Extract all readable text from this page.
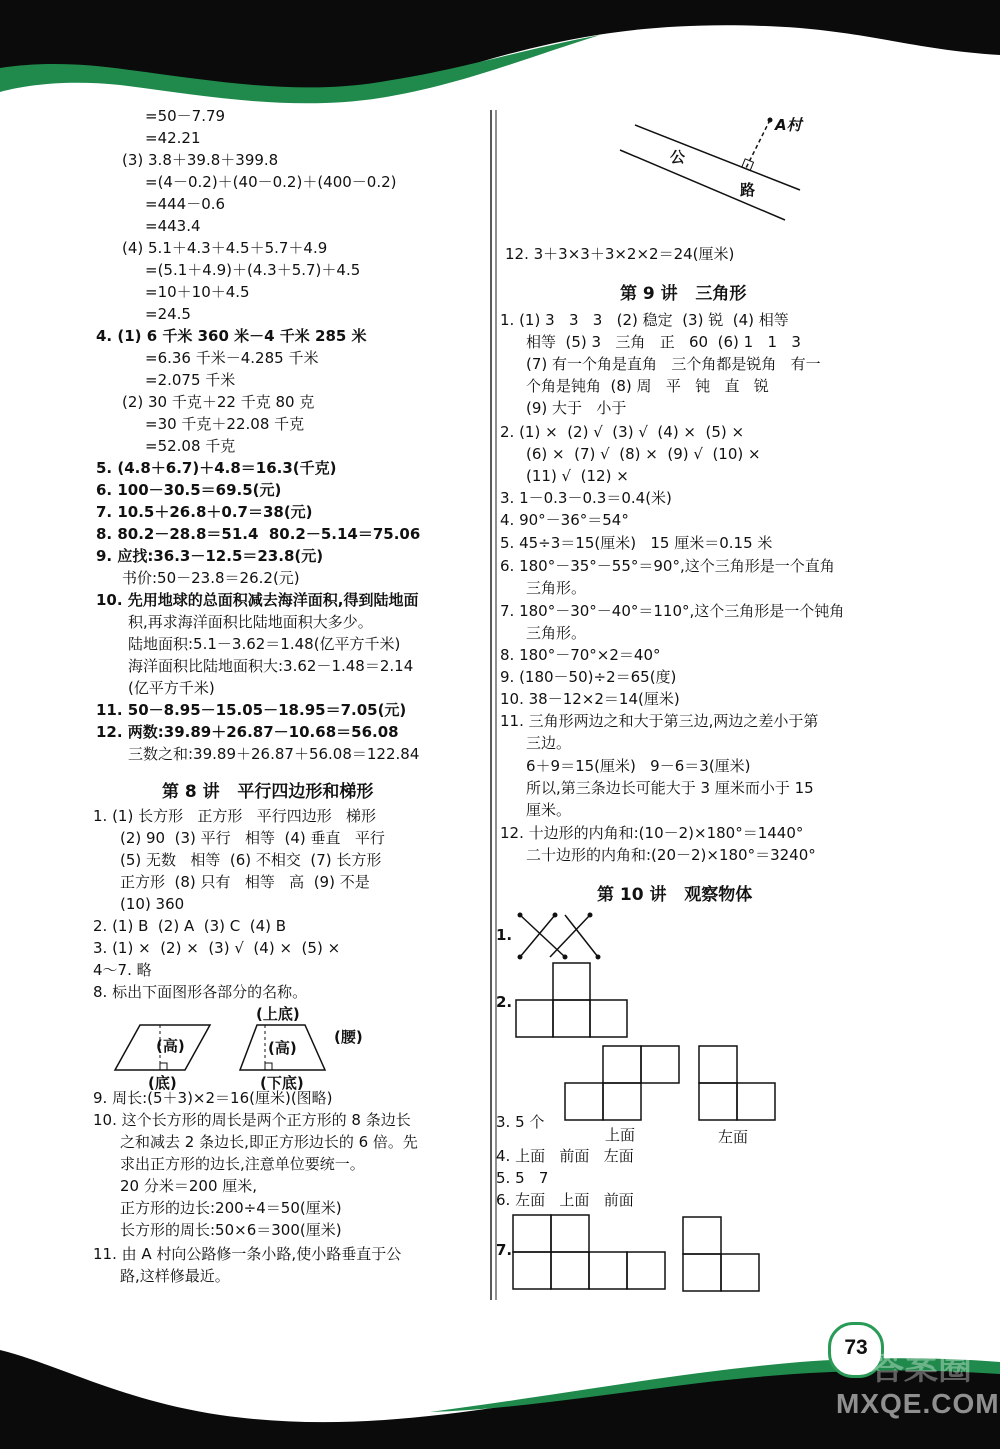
=50－7.79
=42.21
(3) 3.8＋39.8＋399.8
=(4－0.2)＋(40－0.2)＋(400－0.2)
=444－0.6
=443.4
(4) 5.1＋4.3＋4.5＋5.7＋4.9
=(5.1＋4.9)＋(4.3＋5.7)＋4.5
=10＋10＋4.5
=24.5
4. (1) 6 千米 360 米－4 千米 285 米
=6.36 千米－4.285 千米
=2.075 千米
(2) 30 千克＋22 千克 80 克
=30 千克＋22.08 千克
=52.08 千克
5. (4.8＋6.7)＋4.8＝16.3(千克)
6. 100－30.5＝69.5(元)
7. 10.5＋26.8＋0.7＝38(元)
8. 80.2－28.8＝51.4  80.2－5.14＝75.06
9. 应找:36.3－12.5＝23.8(元)
书价:50－23.8＝26.2(元)
10. 先用地球的总面积减去海洋面积,得到陆地面
积,再求海洋面积比陆地面积大多少。
陆地面积:5.1－3.62＝1.48(亿平方千米)
海洋面积比陆地面积大:3.62－1.48＝2.14
(亿平方千米)
11. 50－8.95－15.05－18.95＝7.05(元)
12. 两数:39.89＋26.87－10.68＝56.08
三数之和:39.89＋26.87＋56.08＝122.84
第 8 讲   平行四边形和梯形
1. (1) 长方形   正方形   平行四边形   梯形
(2) 90  (3) 平行   相等  (4) 垂直   平行
(5) 无数   相等  (6) 不相交  (7) 长方形
正方形  (8) 只有   相等   高  (9) 不是
(10) 360
2. (1) B  (2) A  (3) C  (4) B
3. (1) ×  (2) ×  (3) √  (4) ×  (5) ×
4～7. 略
8. 标出下面图形各部分的名称。
9. 周长:(5＋3)×2＝16(厘米)(图略)
10. 这个长方形的周长是两个正方形的 8 条边长
之和减去 2 条边长,即正方形边长的 6 倍。先
求出正方形的边长,注意单位要统一。
20 分米＝200 厘米,
正方形的边长:200÷4＝50(厘米)
长方形的周长:50×6＝300(厘米)
11. 由 A 村向公路修一条小路,使小路垂直于公
路,这样修最近。
(高)
(底)
(上底)
(高)
(腰)
(下底)
A村
公
路
12. 3＋3×3＋3×2×2＝24(厘米)
第 9 讲   三角形
1. (1) 3   3   3   (2) 稳定  (3) 锐  (4) 相等
相等  (5) 3   三角   正   60  (6) 1   1   3
(7) 有一个角是直角   三个角都是锐角   有一
个角是钝角  (8) 周   平   钝   直   锐
(9) 大于   小于
2. (1) ×  (2) √  (3) √  (4) ×  (5) ×
(6) ×  (7) √  (8) ×  (9) √  (10) ×
(11) √  (12) ×
3. 1－0.3－0.3＝0.4(米)
4. 90°－36°＝54°
5. 45÷3＝15(厘米)   15 厘米＝0.15 米
6. 180°－35°－55°＝90°,这个三角形是一个直角
三角形。
7. 180°－30°－40°＝110°,这个三角形是一个钝角
三角形。
8. 180°－70°×2＝40°
9. (180－50)÷2＝65(度)
10. 38－12×2＝14(厘米)
11. 三角形两边之和大于第三边,两边之差小于第
三边。
6＋9＝15(厘米)   9－6＝3(厘米)
所以,第三条边长可能大于 3 厘米而小于 15
厘米。
12. 十边形的内角和:(10－2)×180°＝1440°
二十边形的内角和:(20－2)×180°＝3240°
第 10 讲   观察物体
1.
2.
3. 5 个
上面	左面
4. 上面   前面   左面
5. 5   7
6. 左面   上面   前面
7.
73
答案圈
MXQE.COM
